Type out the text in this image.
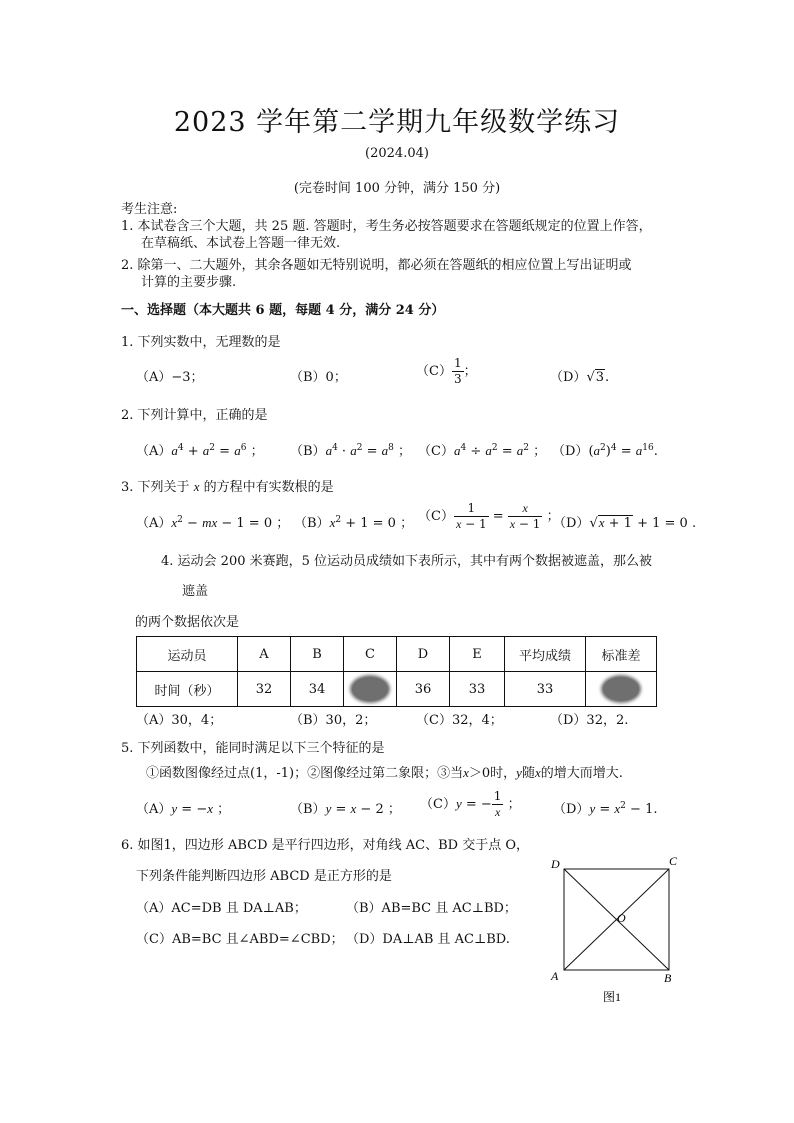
2023 学年第二学期九年级数学练习
(2024.04)
(完卷时间 100 分钟，满分 150 分)
考生注意:
1. 本试卷含三个大题，共 25 题. 答题时，考生务必按答题要求在答题纸规定的位置上作答，
在草稿纸、本试卷上答题一律无效.
2. 除第一、二大题外，其余各题如无特别说明，都必须在答题纸的相应位置上写出证明或
计算的主要步骤.
一、选择题（本大题共 6 题，每题 4 分，满分 24 分）
1. 下列实数中，无理数的是
（A）−3；	（B）0；	$(C) \frac{1}{3}$ ；	（D）√3.
2. 下列计算中，正确的是
$(A)a^4 + a^2 = a^6$ ； $(B)a^4 \cdot a^2 = a^8$ ； $(C)a^4 \div a^2 = a^2$ ； $(D)(a^2)^4 = a^{16}$.
3. 下列关于 x 的方程中有实数根的是
$(A)x^2$ − mx − 1 = 0 ； $(B)x^2 + 1 = 0$ ； $(C) \frac{1}{x - 1} = \frac{x}{x - 1}$ ；
（D）√x + 1 + 1 = 0 .
4. 运动会 200 米赛跑，5 位运动员成绩如下表所示，其中有两个数据被遮盖，那么被
遮盖
的两个数据依次是
运动员	A	B	C	D	E	平均成绩	标准差
时间（秒）	32	34		36	33	33	
（A）30，4；	（B）30，2；	（C）32，4；	（D）32，2.
5. 下列函数中，能同时满足以下三个特征的是
①函数图像经过点(1，-1)；②图像经过第二象限；③当x＞0时，y随x的增大而增大.
（A）y = −x ；	（B）y = x − 2 ； （C）y = − $\frac{1}{x}$ ； $(D)y = x^2 - 1$.
6. 如图1，四边形 ABCD 是平行四边形，对角线 AC、BD 交于点 O，
下列条件能判断四边形 ABCD 是正方形的是
（A）AC=DB 且 DA⊥AB；	（B）AB=BC 且 AC⊥BD；
（C）AB=BC 且∠ABD=∠CBD； （D）DA⊥AB 且 AC⊥BD.
D	C
A	B
O
图1
